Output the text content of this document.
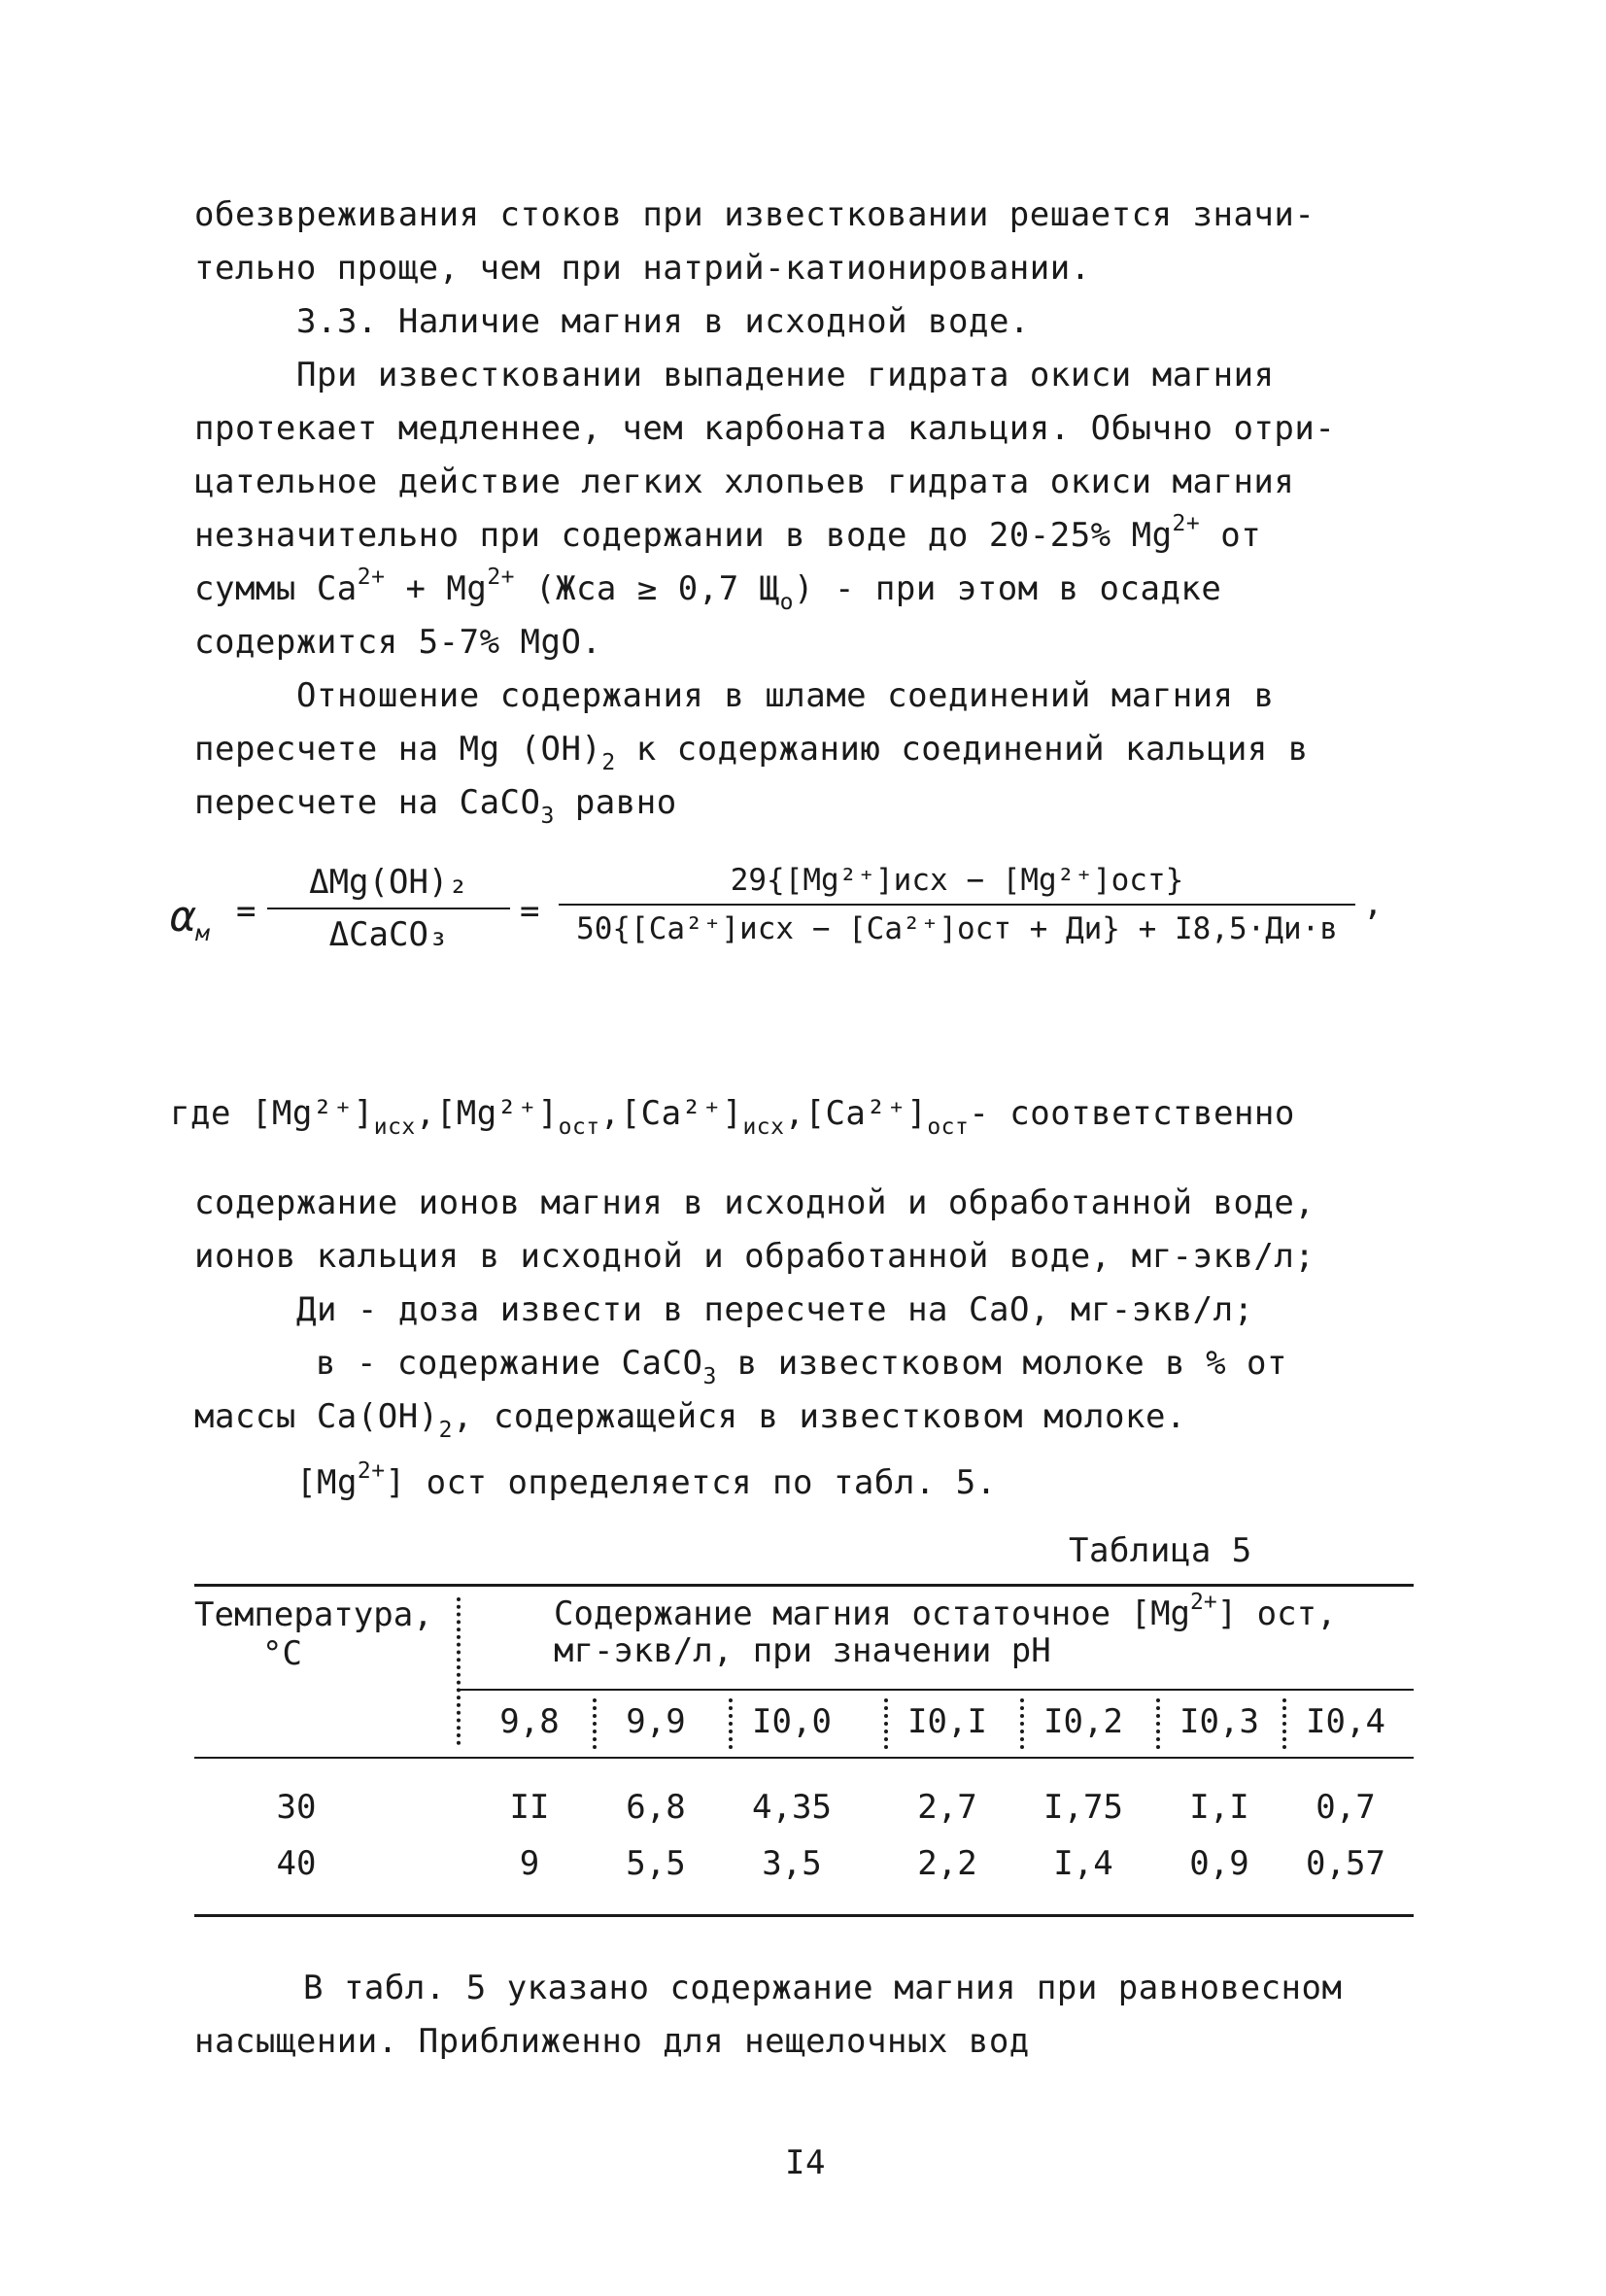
обезвреживания стоков при известковании решается значи-
тельно проще, чем при натрий-катионировании.
3.3. Наличие магния в исходной воде.
При известковании выпадение гидрата окиси магния
протекает медленнее, чем карбоната кальция. Обычно отри-
цательное действие легких хлопьев гидрата окиси магния
незначительно при содержании в воде до 20-25% $Mg^{2+}$ от
суммы $Ca^{2+} + Mg^{2+}$ (Жса ≥ 0,7 $Щ_о$) - при этом в осадке
содержится 5-7% MgO.
Отношение содержания в шламе соединений магния в
пересчете на Mg $(OH)_2$ к содержанию соединений кальция в
пересчете на CaCO$_3$ равно
$\alpha_м$
=
ΔMg(OH)₂
ΔCaCO₃
=
29{[Mg²⁺]исх − [Mg²⁺]ост}
50{[Ca²⁺]исх − [Ca²⁺]ост + Ди} + I8,5·Ди·в
,
где $[Mg^{2+}]_{исх},[Mg^{2+}]_{ост},[Ca^{2+}]_{исх},[Ca^{2+}]_{ост}-$ соответственно
содержание ионов магния в исходной и обработанной воде,
ионов кальция в исходной и обработанной воде, мг-экв/л;
Ди - доза извести в пересчете на CaO, мг-экв/л;
в - содержание CaCO$_3$ в известковом молоке в % от
массы $Ca(OH)_2$, содержащейся в известковом молоке.
$[Mg^{2+}]$ ост определяется по табл. 5.
Таблица 5
Температура,
°C
Содержание магния остаточное $[Mg^{2+}]$ ост,
мг-экв/л, при значении pH
9,8	9,9	I0,0	I0,I	I0,2	I0,3	I0,4
30	II	6,8	4,35	2,7	I,75	I,I	0,7
40	9	5,5	3,5	2,2	I,4	0,9	0,57
В табл. 5 указано содержание магния при равновесном
насыщении. Приближенно для нещелочных вод
I4
